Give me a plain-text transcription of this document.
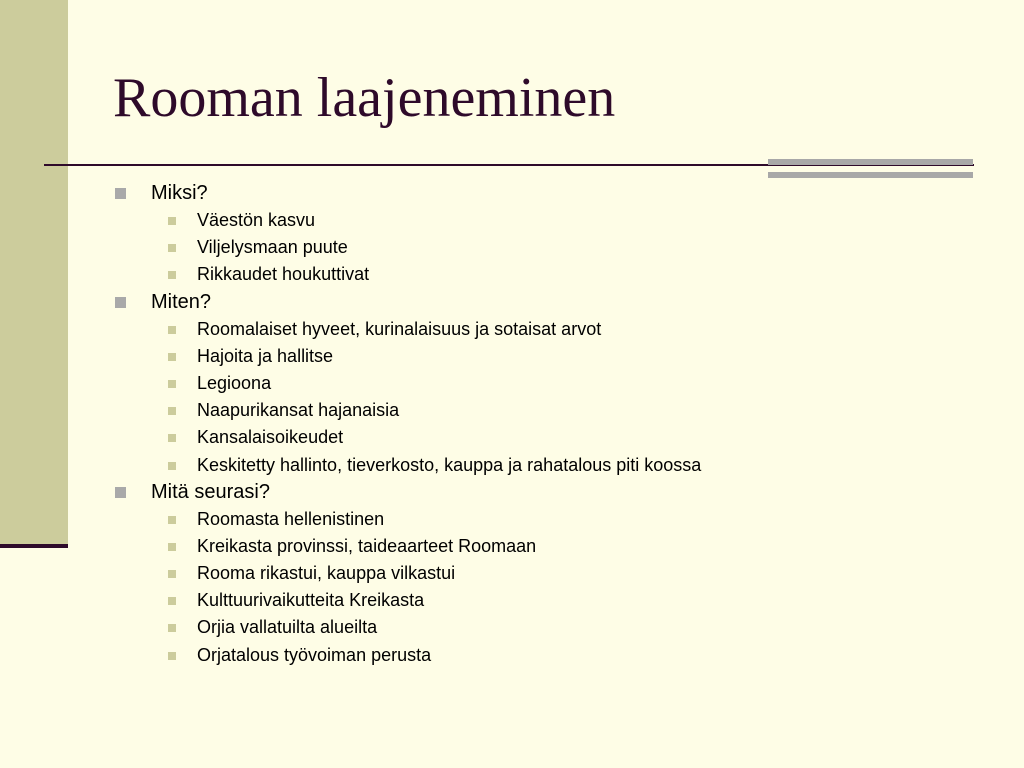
Rooman laajeneminen
Miksi?
Väestön kasvu
Viljelysmaan puute
Rikkaudet houkuttivat
Miten?
Roomalaiset hyveet, kurinalaisuus ja sotaisat arvot
Hajoita ja hallitse
Legioona
Naapurikansat hajanaisia
Kansalaisoikeudet
Keskitetty hallinto, tieverkosto, kauppa ja rahatalous piti koossa
Mitä seurasi?
Roomasta hellenistinen
Kreikasta provinssi, taideaarteet Roomaan
Rooma rikastui, kauppa vilkastui
Kulttuurivaikutteita Kreikasta
Orjia vallatuilta alueilta
Orjatalous työvoiman perusta
